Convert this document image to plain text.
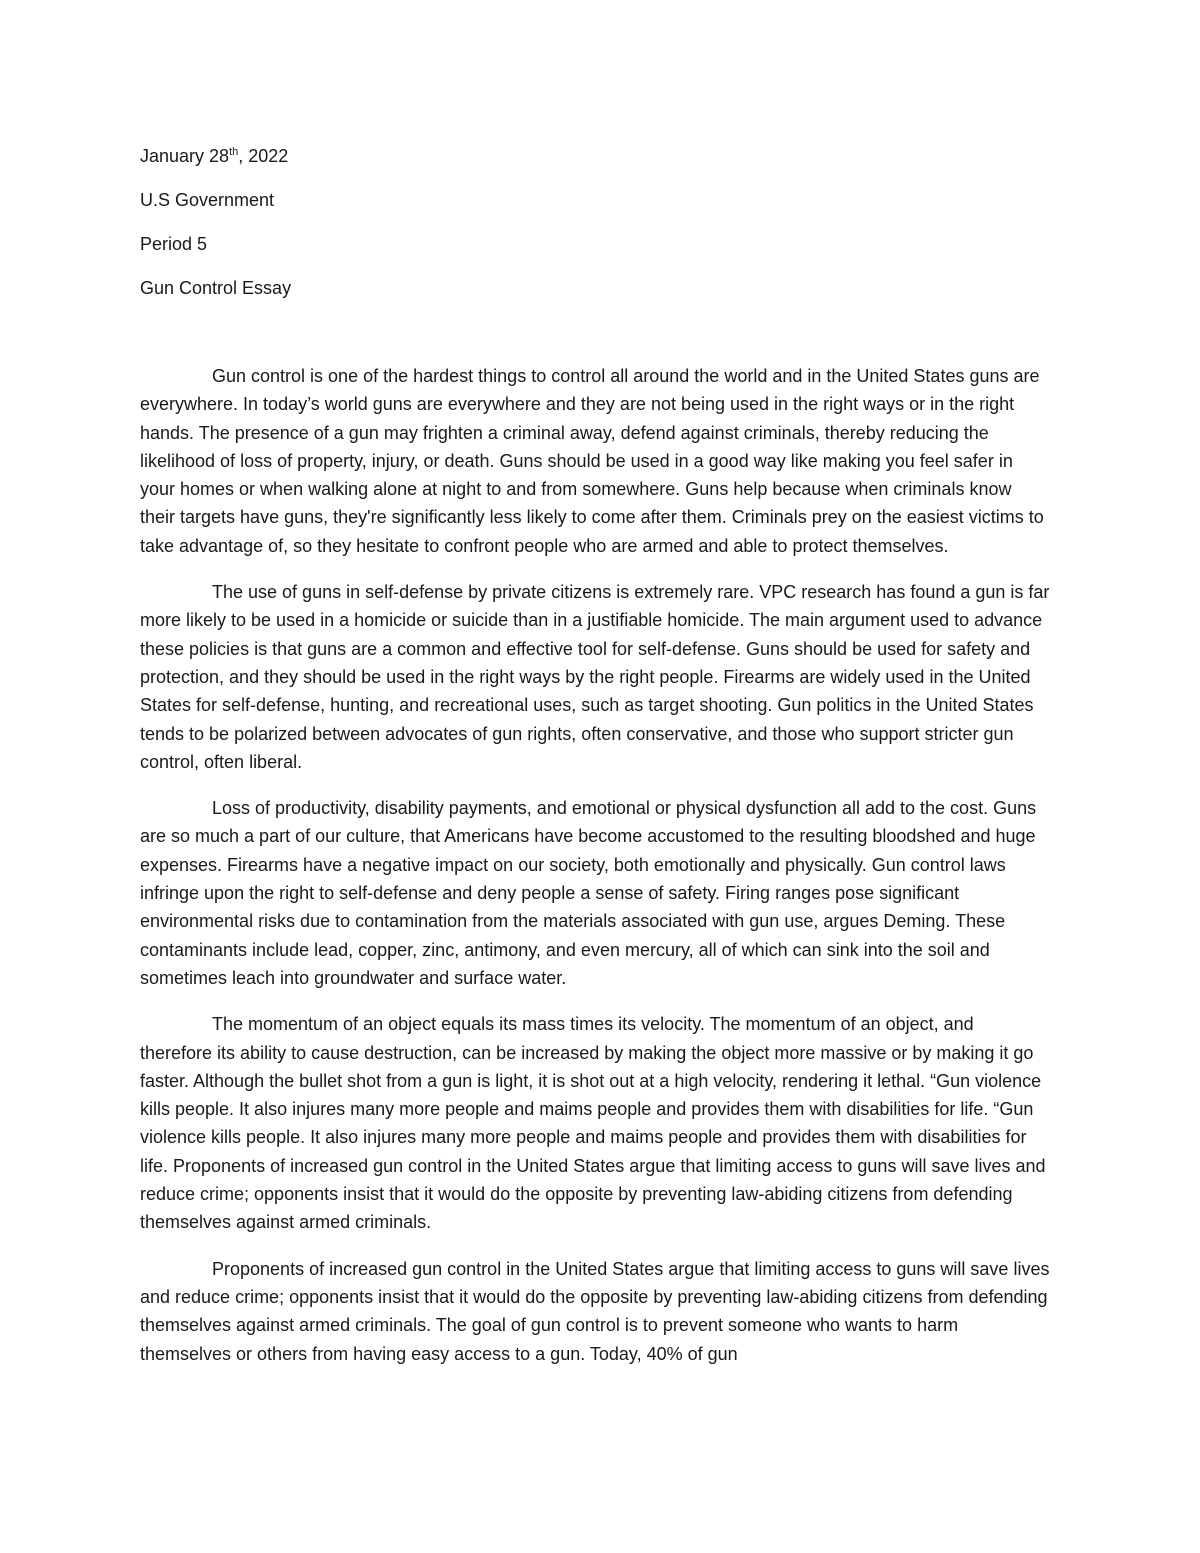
January 28th, 2022
U.S Government
Period 5
Gun Control Essay

Gun control is one of the hardest things to control all around the world and in the United States guns are everywhere. In today’s world guns are everywhere and they are not being used in the right ways or in the right hands. The presence of a gun may frighten a criminal away, defend against criminals, thereby reducing the likelihood of loss of property, injury, or death. Guns should be used in a good way like making you feel safer in your homes or when walking alone at night to and from somewhere. Guns help because when criminals know their targets have guns, they're significantly less likely to come after them. Criminals prey on the easiest victims to take advantage of, so they hesitate to confront people who are armed and able to protect themselves.

The use of guns in self-defense by private citizens is extremely rare. VPC research has found a gun is far more likely to be used in a homicide or suicide than in a justifiable homicide. The main argument used to advance these policies is that guns are a common and effective tool for self-defense. Guns should be used for safety and protection, and they should be used in the right ways by the right people. Firearms are widely used in the United States for self-defense, hunting, and recreational uses, such as target shooting. Gun politics in the United States tends to be polarized between advocates of gun rights, often conservative, and those who support stricter gun control, often liberal.

Loss of productivity, disability payments, and emotional or physical dysfunction all add to the cost. Guns are so much a part of our culture, that Americans have become accustomed to the resulting bloodshed and huge expenses. Firearms have a negative impact on our society, both emotionally and physically. Gun control laws infringe upon the right to self-defense and deny people a sense of safety. Firing ranges pose significant environmental risks due to contamination from the materials associated with gun use, argues Deming. These contaminants include lead, copper, zinc, antimony, and even mercury, all of which can sink into the soil and sometimes leach into groundwater and surface water.

The momentum of an object equals its mass times its velocity. The momentum of an object, and therefore its ability to cause destruction, can be increased by making the object more massive or by making it go faster. Although the bullet shot from a gun is light, it is shot out at a high velocity, rendering it lethal. “Gun violence kills people. It also injures many more people and maims people and provides them with disabilities for life. “Gun violence kills people. It also injures many more people and maims people and provides them with disabilities for life. Proponents of increased gun control in the United States argue that limiting access to guns will save lives and reduce crime; opponents insist that it would do the opposite by preventing law-abiding citizens from defending themselves against armed criminals.

Proponents of increased gun control in the United States argue that limiting access to guns will save lives and reduce crime; opponents insist that it would do the opposite by preventing law-abiding citizens from defending themselves against armed criminals. The goal of gun control is to prevent someone who wants to harm themselves or others from having easy access to a gun. Today, 40% of gun
